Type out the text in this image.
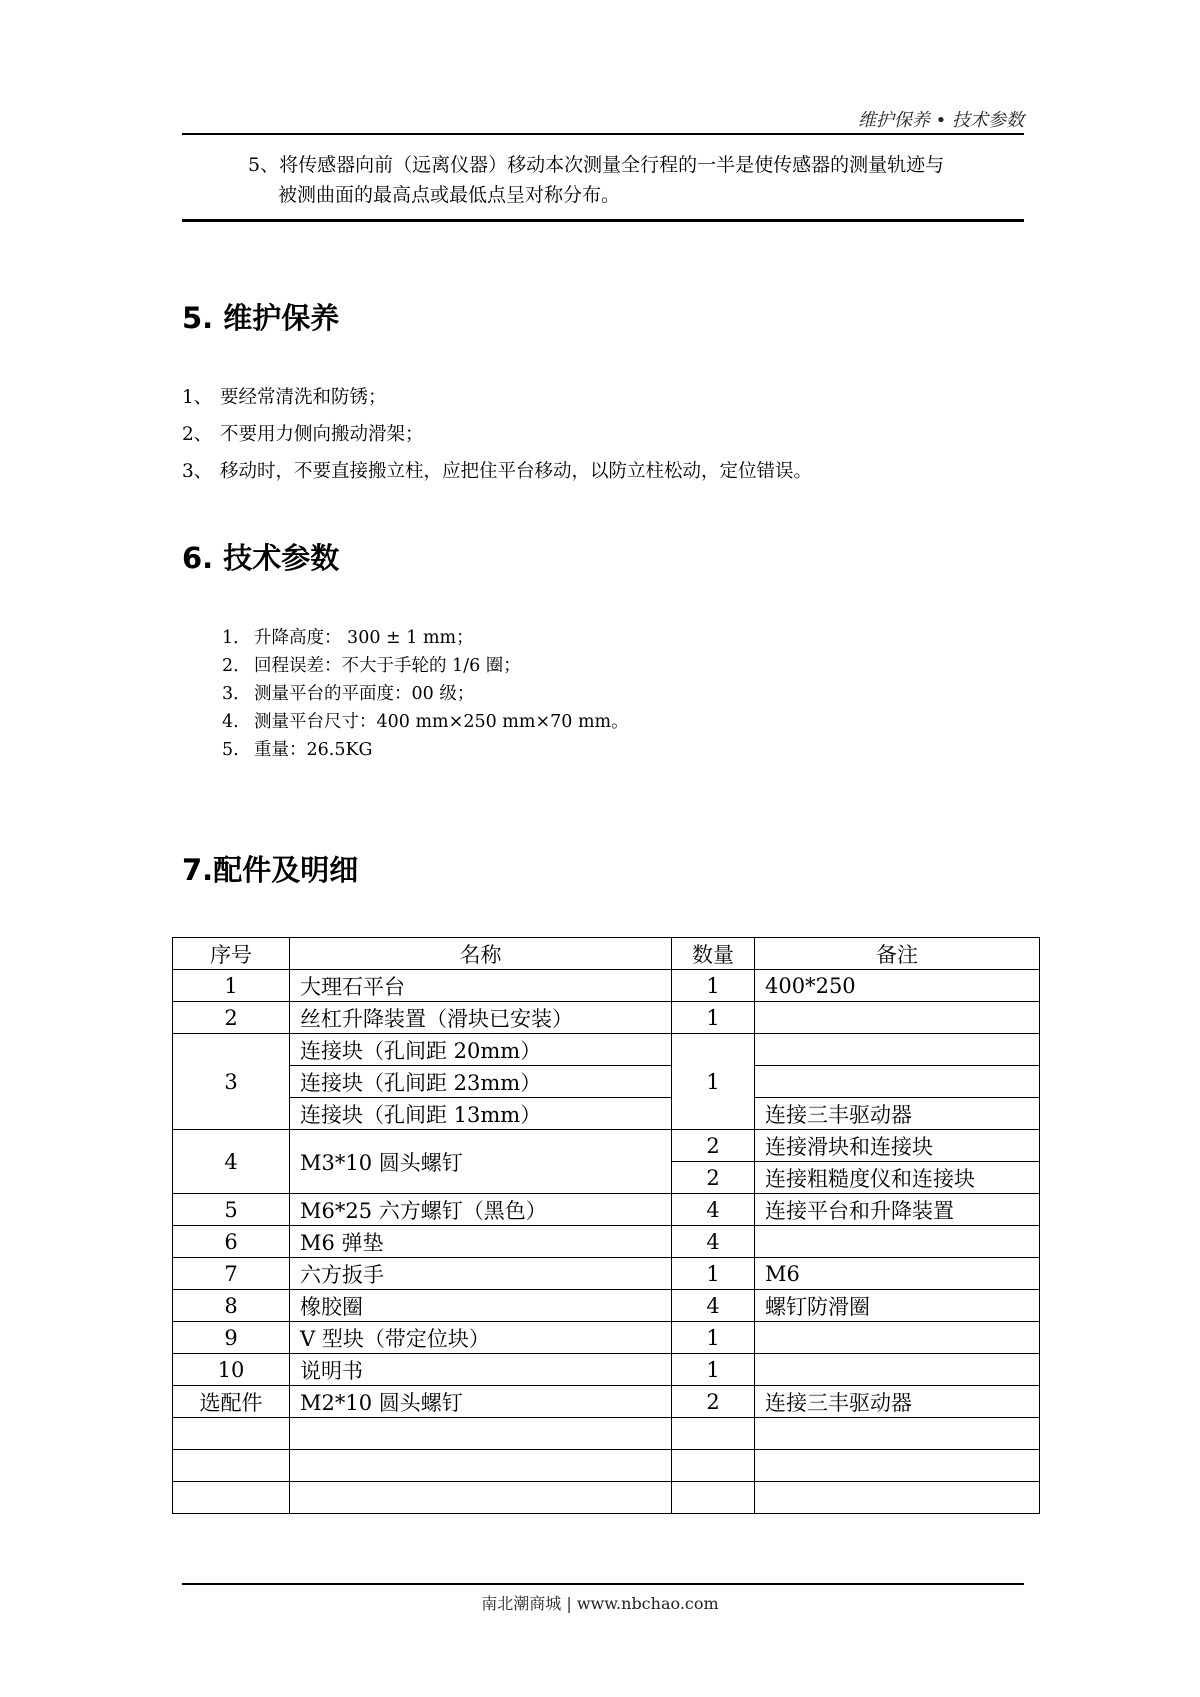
维护保养 • 技术参数
5、将传感器向前（远离仪器）移动本次测量全行程的一半是使传感器的测量轨迹与
被测曲面的最高点或最低点呈对称分布。
5. 维护保养
1、 要经常清洗和防锈；
2、 不要用力侧向搬动滑架；
3、 移动时，不要直接搬立柱，应把住平台移动，以防立柱松动，定位错误。
6. 技术参数
1． 升降高度： 300 ± 1 mm；
2． 回程误差：不大于手轮的 1/6 圈；
3． 测量平台的平面度：00 级；
4. 测量平台尺寸：400 mm×250 mm×70 mm。
5. 重量：26.5KG
7.配件及明细
序号	名称	数量	备注
1	大理石平台	1	400*250
2	丝杠升降装置（滑块已安装）	1	
3	连接块（孔间距 20mm）	1	
	连接块（孔间距 23mm）		
	连接块（孔间距 13mm）		连接三丰驱动器
4	M3*10 圆头螺钉	2	连接滑块和连接块
		2	连接粗糙度仪和连接块
5	M6*25 六方螺钉（黑色）	4	连接平台和升降装置
6	M6 弹垫	4	
7	六方扳手	1	M6
8	橡胶圈	4	螺钉防滑圈
9	V 型块（带定位块）	1	
10	说明书	1	
选配件	M2*10 圆头螺钉	2	连接三丰驱动器

南北潮商城 | www.nbchao.com
